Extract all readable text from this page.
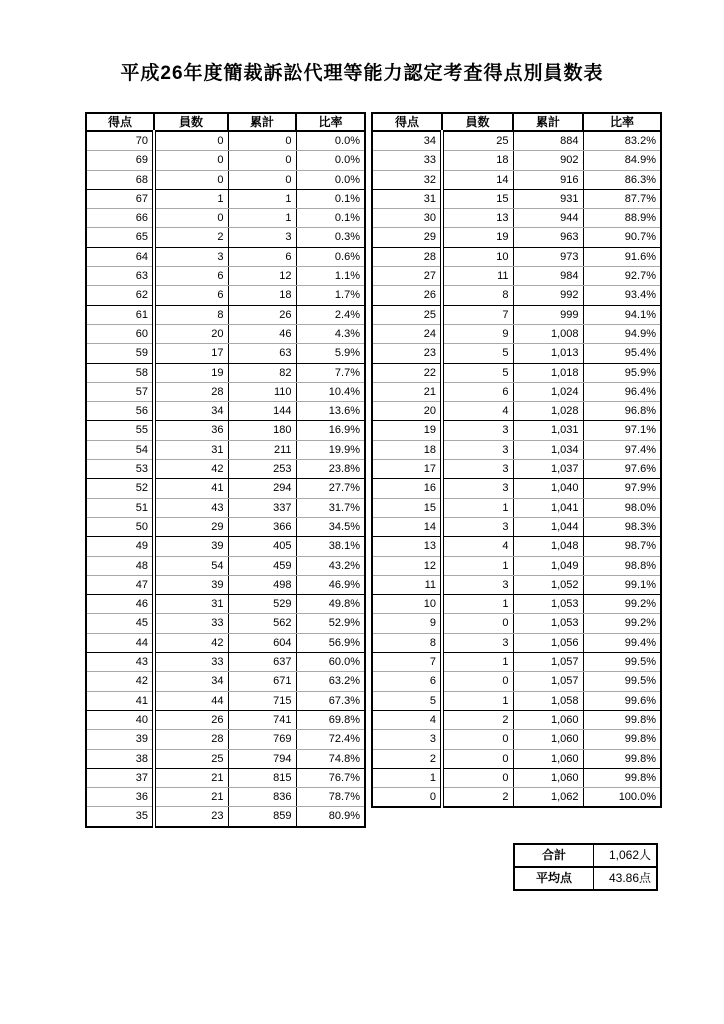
平成26年度簡裁訴訟代理等能力認定考査得点別員数表
得点	員数	累計	比率
70	0	0	0.0%
69	0	0	0.0%
68	0	0	0.0%
67	1	1	0.1%
66	0	1	0.1%
65	2	3	0.3%
64	3	6	0.6%
63	6	12	1.1%
62	6	18	1.7%
61	8	26	2.4%
60	20	46	4.3%
59	17	63	5.9%
58	19	82	7.7%
57	28	110	10.4%
56	34	144	13.6%
55	36	180	16.9%
54	31	211	19.9%
53	42	253	23.8%
52	41	294	27.7%
51	43	337	31.7%
50	29	366	34.5%
49	39	405	38.1%
48	54	459	43.2%
47	39	498	46.9%
46	31	529	49.8%
45	33	562	52.9%
44	42	604	56.9%
43	33	637	60.0%
42	34	671	63.2%
41	44	715	67.3%
40	26	741	69.8%
39	28	769	72.4%
38	25	794	74.8%
37	21	815	76.7%
36	21	836	78.7%
35	23	859	80.9%
得点	員数	累計	比率
34	25	884	83.2%
33	18	902	84.9%
32	14	916	86.3%
31	15	931	87.7%
30	13	944	88.9%
29	19	963	90.7%
28	10	973	91.6%
27	11	984	92.7%
26	8	992	93.4%
25	7	999	94.1%
24	9	1,008	94.9%
23	5	1,013	95.4%
22	5	1,018	95.9%
21	6	1,024	96.4%
20	4	1,028	96.8%
19	3	1,031	97.1%
18	3	1,034	97.4%
17	3	1,037	97.6%
16	3	1,040	97.9%
15	1	1,041	98.0%
14	3	1,044	98.3%
13	4	1,048	98.7%
12	1	1,049	98.8%
11	3	1,052	99.1%
10	1	1,053	99.2%
9	0	1,053	99.2%
8	3	1,056	99.4%
7	1	1,057	99.5%
6	0	1,057	99.5%
5	1	1,058	99.6%
4	2	1,060	99.8%
3	0	1,060	99.8%
2	0	1,060	99.8%
1	0	1,060	99.8%
0	2	1,062	100.0%
合計	1,062人
平均点	43.86点
